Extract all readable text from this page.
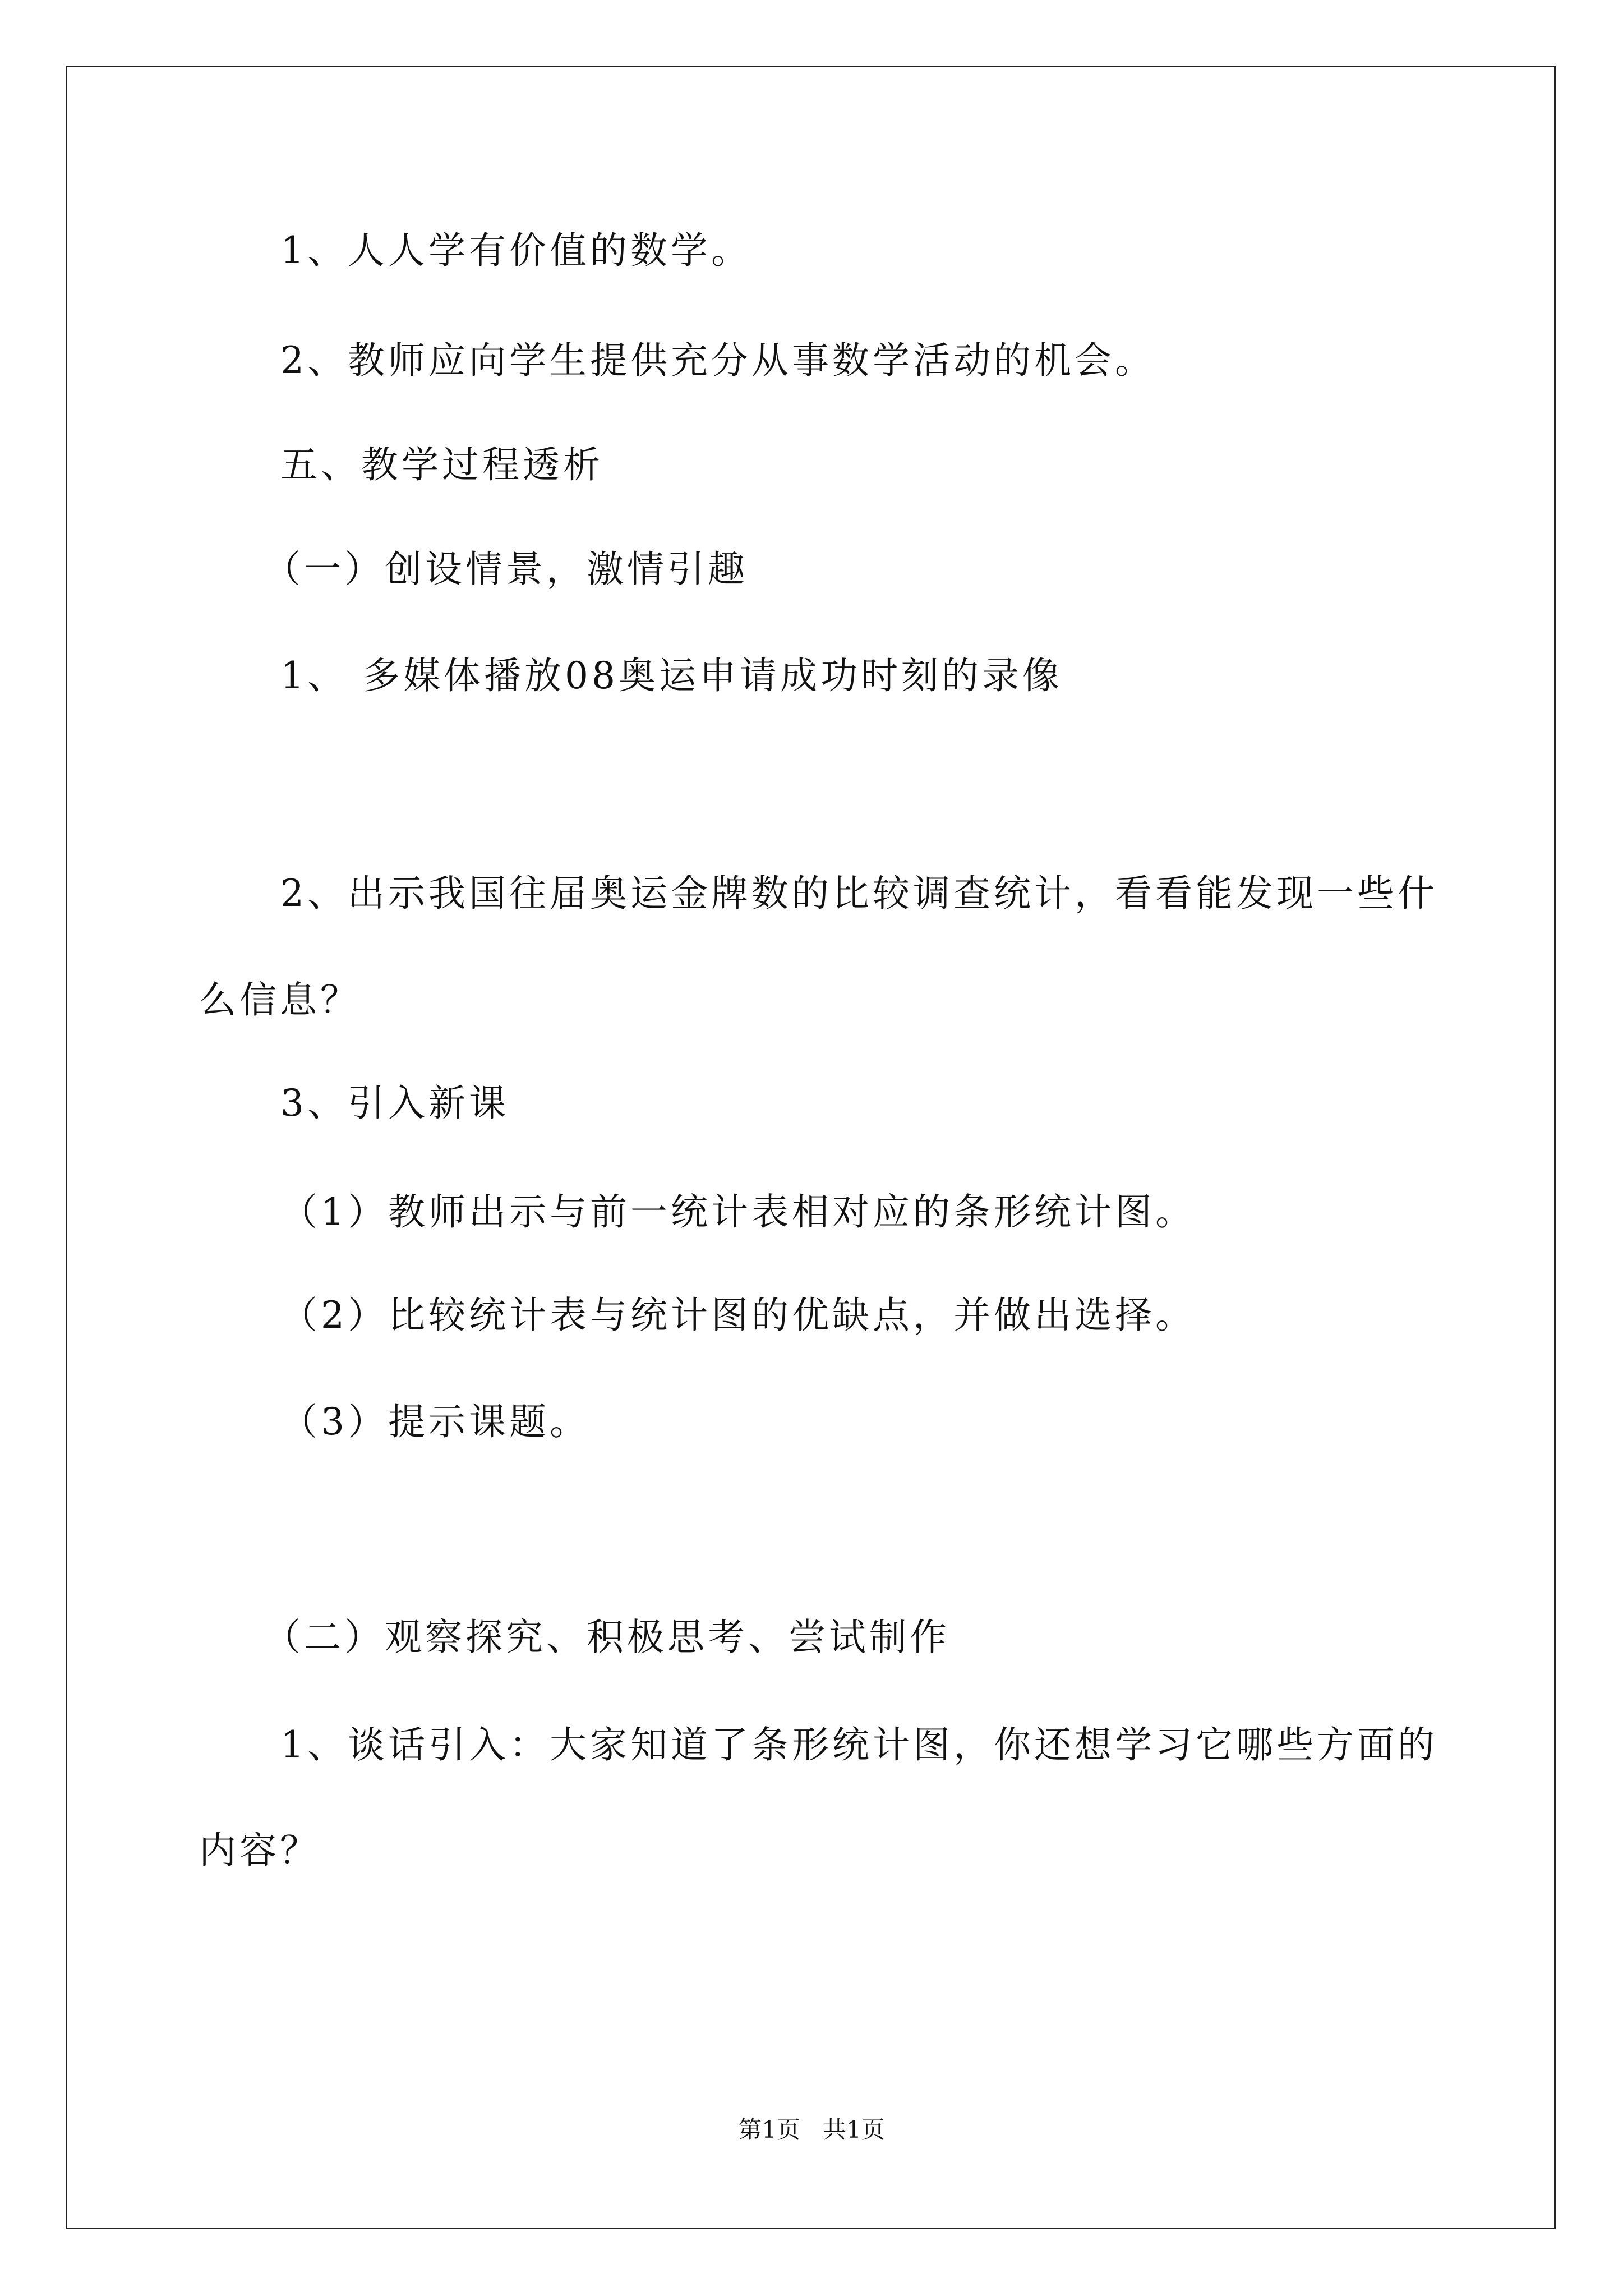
1、人人学有价值的数学。

2、教师应向学生提供充分从事数学活动的机会。

五、教学过程透析

（一）创设情景，激情引趣

1、 多媒体播放08奥运申请成功时刻的录像

2、出示我国往届奥运金牌数的比较调查统计，看看能发现一些什

么信息？

3、引入新课

（1）教师出示与前一统计表相对应的条形统计图。

（2）比较统计表与统计图的优缺点，并做出选择。

（3）提示课题。

（二）观察探究、积极思考、尝试制作

1、谈话引入：大家知道了条形统计图，你还想学习它哪些方面的

内容？

第1页   共1页
